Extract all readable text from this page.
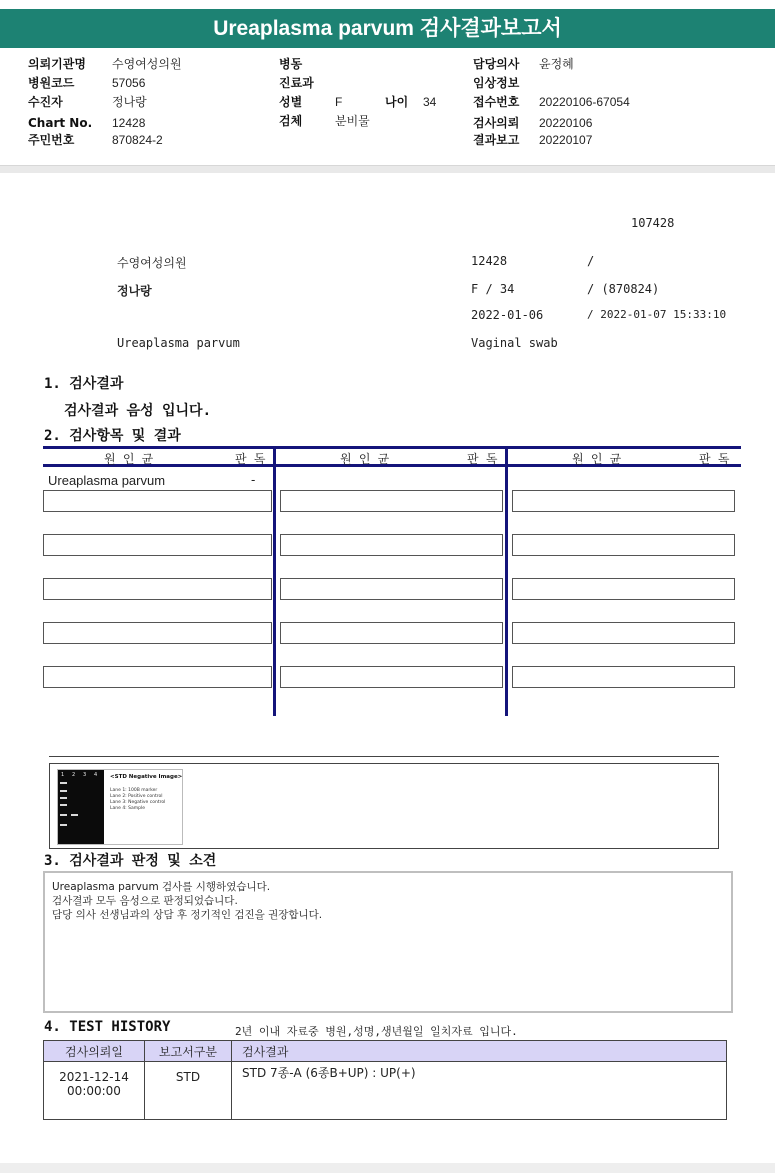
Ureaplasma parvum 검사결과보고서
의뢰기관명 수영여성의원
병원코드	57056
수진자	정나랑
Chart No. 12428
주민번호	870824-2
병동
진료과
성별	F	나이 34
검체	분비물
담당의사 윤정혜
임상정보
접수번호 20220106-67054
검사의뢰 20220106
결과보고 20220107
107428
수영여성의원	12428	/
정나랑	F / 34	/ (870824)
2022-01-06	/ 2022-01-07 15:33:10
Ureaplasma parvum	Vaginal swab
1. 검사결과
검사결과 음성 입니다.
2. 검사항목 및 결과
원 인 균	판 독	원 인 균	판 독	원 인 균	판 독
Ureaplasma parvum	-
1 2 3 4 <STD Negative Image>
Lane 1: 100B marker
Lane 2: Positive control
Lane 3: Negative control
Lane 4: Sample
3. 검사결과 판정 및 소견
Ureaplasma parvum 검사를 시행하였습니다.
검사결과 모두 음성으로 판정되었습니다.
담당 의사 선생님과의 상담 후 정기적인 검진을 권장합니다.
4. TEST HISTORY	2년 이내 자료중 병원,성명,생년월일 일치자료 입니다.
검사의뢰일	보고서구분	검사결과

2021-12-14
00:00:00	STD	STD 7종-A (6종B+UP) : UP(+)
